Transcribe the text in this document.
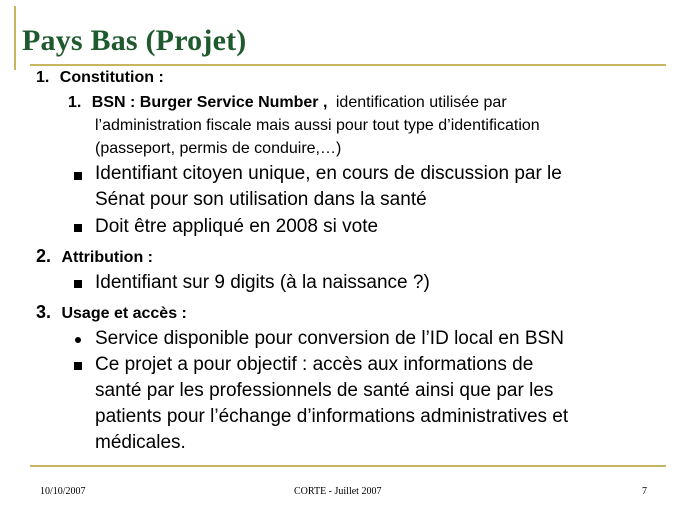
Pays Bas (Projet)
1. Constitution :
1. BSN : Burger Service Number , identification utilisée par
l’administration fiscale mais aussi pour tout type d’identification
(passeport, permis de conduire,…)
Identifiant citoyen unique, en cours de discussion par le
Sénat pour son utilisation dans la santé
Doit être appliqué en 2008 si vote
2. Attribution :
Identifiant sur 9 digits (à la naissance ?)
3. Usage et accès :
Service disponible pour conversion de l’ID local en BSN
Ce projet a pour objectif : accès aux informations de
santé par les professionnels de santé ainsi que par les
patients pour l’échange d’informations administratives et
médicales.
10/10/2007	CORTE - Juillet 2007	7
